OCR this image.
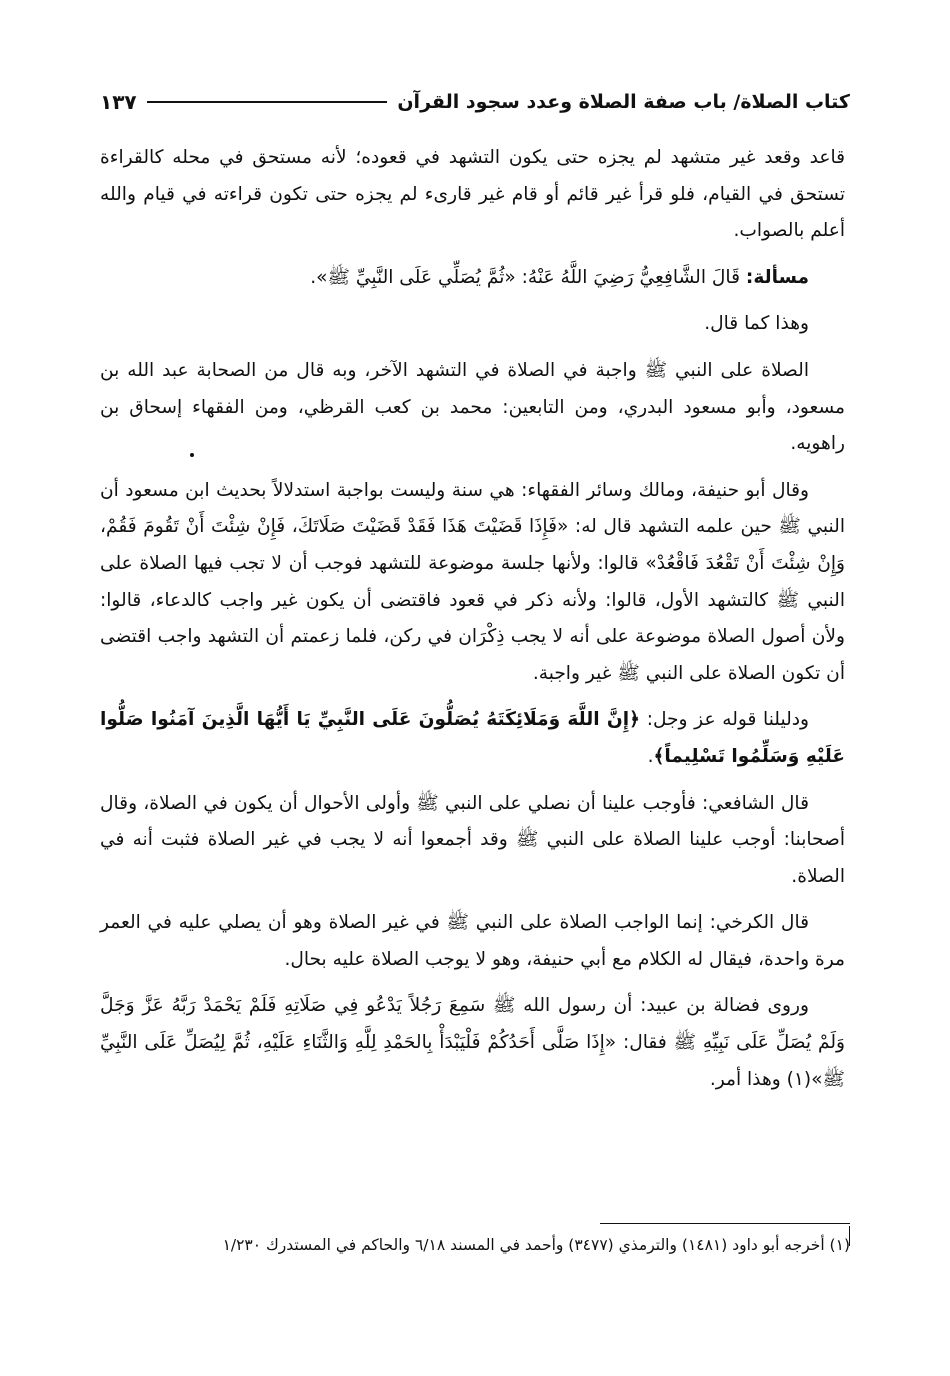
كتاب الصلاة/ باب صفة الصلاة وعدد سجود القرآن
١٣٧

قاعد وقعد غير متشهد لم يجزه حتى يكون التشهد في قعوده؛ لأنه مستحق في محله كالقراءة تستحق في القيام، فلو قرأ غير قائم أو قام غير قارىء لم يجزه حتى تكون قراءته في قيام والله أعلم بالصواب.

مسألة: قَالَ الشَّافِعِيُّ رَضِيَ اللَّهُ عَنْهُ: «ثُمَّ يُصَلِّي عَلَى النَّبِيِّ ﷺ».

وهذا كما قال.

الصلاة على النبي ﷺ واجبة في الصلاة في التشهد الآخر، وبه قال من الصحابة عبد الله بن مسعود، وأبو مسعود البدري، ومن التابعين: محمد بن كعب القرظي، ومن الفقهاء إسحاق بن راهويه.

وقال أبو حنيفة، ومالك وسائر الفقهاء: هي سنة وليست بواجبة استدلالاً بحديث ابن مسعود أن النبي ﷺ حين علمه التشهد قال له: «فَإِذَا قَضَيْتَ هَذَا فَقَدْ قَضَيْتَ صَلَاتَكَ، فَإِنْ شِئْتَ أَنْ تَقُومَ فَقُمْ، وَإِنْ شِئْتَ أَنْ تَقْعُدَ فَاقْعُدْ» قالوا: ولأنها جلسة موضوعة للتشهد فوجب أن لا تجب فيها الصلاة على النبي ﷺ كالتشهد الأول، قالوا: ولأنه ذكر في قعود فاقتضى أن يكون غير واجب كالدعاء، قالوا: ولأن أصول الصلاة موضوعة على أنه لا يجب ذِكْرَان في ركن، فلما زعمتم أن التشهد واجب اقتضى أن تكون الصلاة على النبي ﷺ غير واجبة.

ودليلنا قوله عز وجل: ﴿إِنَّ اللَّهَ وَمَلَائِكَتَهُ يُصَلُّونَ عَلَى النَّبِيِّ يَا أَيُّهَا الَّذِينَ آمَنُوا صَلُّوا عَلَيْهِ وَسَلِّمُوا تَسْلِيماً﴾.

قال الشافعي: فأوجب علينا أن نصلي على النبي ﷺ وأولى الأحوال أن يكون في الصلاة، وقال أصحابنا: أوجب علينا الصلاة على النبي ﷺ وقد أجمعوا أنه لا يجب في غير الصلاة فثبت أنه في الصلاة.

قال الكرخي: إنما الواجب الصلاة على النبي ﷺ في غير الصلاة وهو أن يصلي عليه في العمر مرة واحدة، فيقال له الكلام مع أبي حنيفة، وهو لا يوجب الصلاة عليه بحال.

وروى فضالة بن عبيد: أن رسول الله ﷺ سَمِعَ رَجُلاً يَدْعُو فِي صَلَاتِهِ فَلَمْ يَحْمَدْ رَبَّهُ عَزَّ وَجَلَّ وَلَمْ يُصَلِّ عَلَى نَبِيِّهِ ﷺ فقال: «إِذَا صَلَّى أَحَدُكُمْ فَلْيَبْدَأْ بِالحَمْدِ لِلَّهِ وَالثَّنَاءِ عَلَيْهِ، ثُمَّ لِيُصَلِّ عَلَى النَّبِيِّ ﷺ»(١) وهذا أمر.

(١) أخرجه أبو داود (١٤٨١) والترمذي (٣٤٧٧) وأحمد في المسند ٦/١٨ والحاكم في المستدرك ١/٢٣٠
